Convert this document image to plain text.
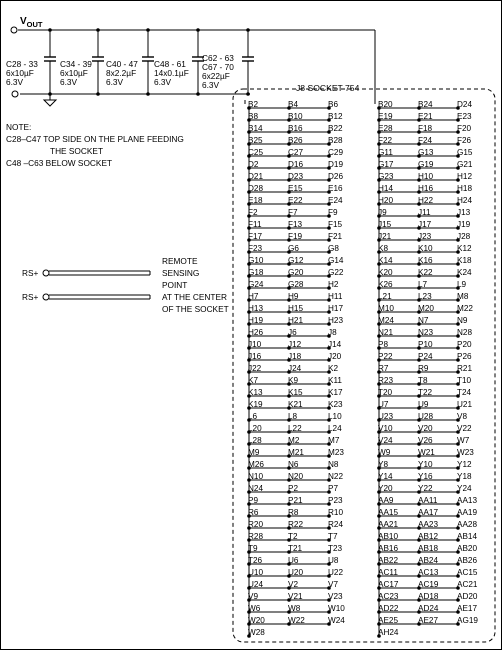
$V_{OUT}$
C28 - 33
6x10µF
6.3V
C34 - 39
6x10µF
6.3V
C40 - 47
8x2.2µF
6.3V
C48 - 61
14x0.1µF
6.3V
C62 - 63
C67 - 70
6x22µF
6.3V
NOTE:
C28–C47 TOP SIDE ON THE PLANE FEEDING
THE SOCKET
C48 –C63 BELOW SOCKET
J8 SOCKET 754
RS+
RS+
REMOTE
SENSING
POINT
AT THE CENTER
OF THE SOCKET
B2	B4	B6
B8	B10	B12
B14	B16	B22
B25	B26	B28
C25	C27	C29
D2	D16	D19
D21	D23	D26
D28	E15	E16
E18	E22	E24
F2	F7	F9
F11	F13	F15
F17	F19	F21
F23	G6	G8
G10	G12	G14
G18	G20	G22
G24	G28	H2
H7	H9	H11
H13	H15	H17
H19	H21	H23
H26	J6	J8
J10	J12	J14
J16	J18	J20
J22	J24	K2
K7	K9	K11
K13	K15	K17
K19	K21	K23
L6	L8	L10
L20	L22	L24
L28	M2	M7
M9	M21	M23
M26	N6	N8
N10	N20	N22
N24	P2	P7
P9	P21	P23
R6	R8	R10
R20	R22	R24
R28	T2	T7
T9	T21	T23
T26	U6	U8
U10	U20	U22
U24	V2	V7
V9	V21	V23
W6	W8	W10
W20	W22	W24
W28
B20	B24	D24
E19	E21	E23
E28	F18	F20
F22	F24	F26
G11	G13	G15
G17	G19	G21
G23	H10	H12
H14	H16	H18
H20	H22	H24
J9	J11	J13
J15	J17	J19
J21	J23	J28
K8	K10	K12
K14	K16	K18
K20	K22	K24
K26	L7	L9
L21	L23	M8
M10	M20	M22
M24	N7	N9
N21	N23	N28
P8	P10	P20
P22	P24	P26
R7	R9	R21
R23	T8	T10
T20	T22	T24
U7	U9	U21
U23	U28	V8
V10	V20	V22
V24	V26	W7
W9	W21	W23
Y8	Y10	Y12
Y14	Y16	Y18
Y20	Y22	Y24
AA9	AA11 AA13
AA15 AA17 AA19
AA21 AA23 AA28
AB10 AB12 AB14
AB16 AB18 AB20
AB22 AB24 AB26
AC11 AC13 AC15
AC17 AC19 AC21
AC23 AD18 AD20
AD22 AD24 AE17
AE25 AE27 AG19
AH24
